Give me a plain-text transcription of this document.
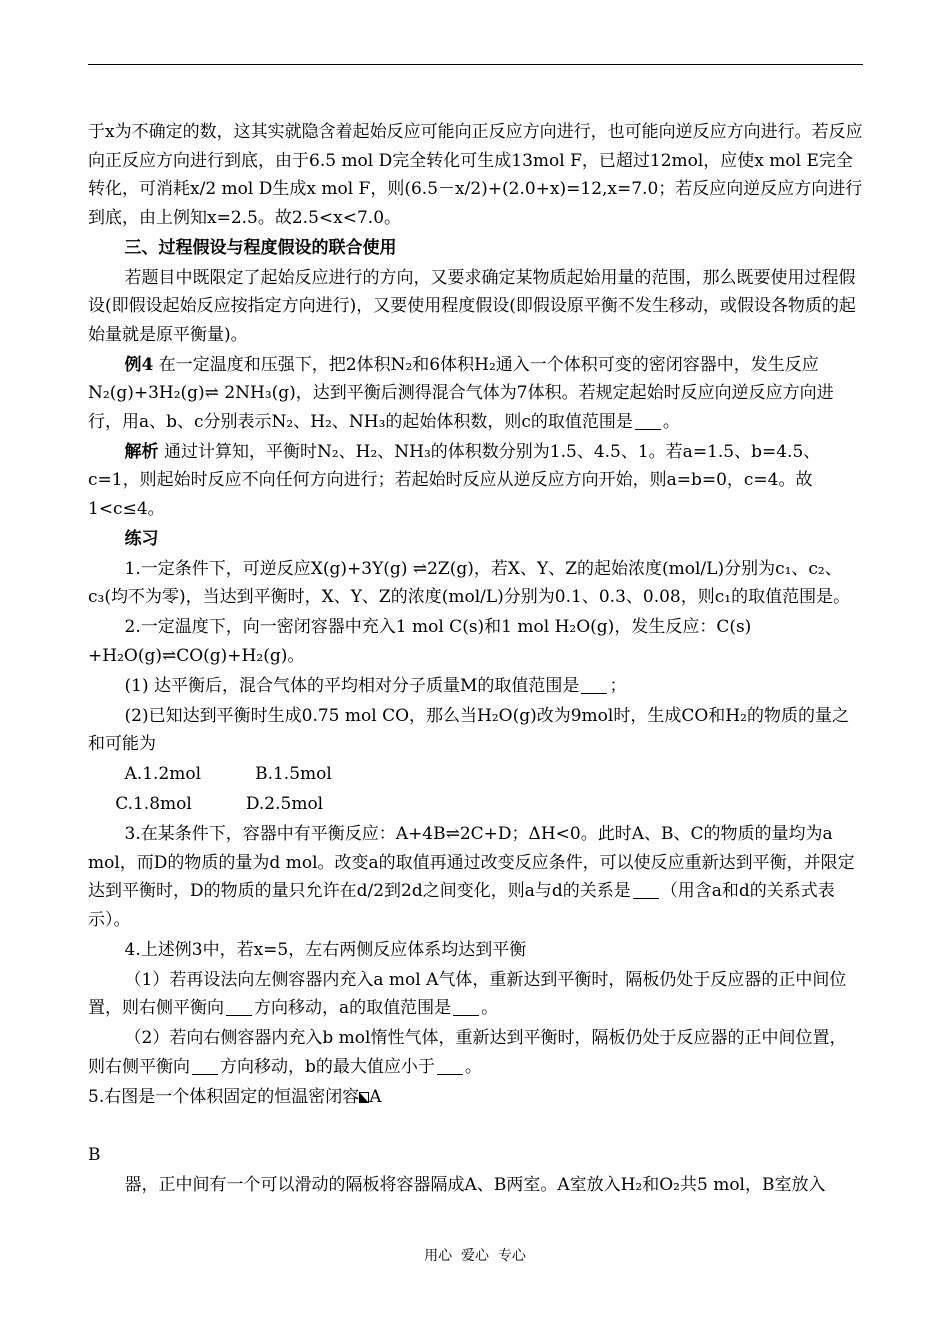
于x为不确定的数，这其实就隐含着起始反应可能向正反应方向进行，也可能向逆反应方向进行。若反应向正反应方向进行到底，由于6.5 mol D完全转化可生成13mol F，已超过12mol，应使x mol E完全转化，可消耗x/2 mol D生成x mol F，则(6.5－x/2)+(2.0+x)=12,x=7.0；若反应向逆反应方向进行到底，由上例知x=2.5。故2.5<x<7.0。

三、过程假设与程度假设的联合使用

若题目中既限定了起始反应进行的方向，又要求确定某物质起始用量的范围，那么既要使用过程假设(即假设起始反应按指定方向进行)，又要使用程度假设(即假设原平衡不发生移动，或假设各物质的起始量就是原平衡量)。

例4 在一定温度和压强下，把2体积N₂和6体积H₂通入一个体积可变的密闭容器中，发生反应N₂(g)+3H₂(g)⇌ 2NH₃(g)，达到平衡后测得混合气体为7体积。若规定起始时反应向逆反应方向进行，用a、b、c分别表示N₂、H₂、NH₃的起始体积数，则c的取值范围是 。

解析 通过计算知，平衡时N₂、H₂、NH₃的体积数分别为1.5、4.5、1。若a=1.5、b=4.5、c=1，则起始时反应不向任何方向进行；若起始时反应从逆反应方向开始，则a=b=0，c=4。故1<c≤4。

练习

1.一定条件下，可逆反应X(g)+3Y(g) ⇌2Z(g)，若X、Y、Z的起始浓度(mol/L)分别为c₁、c₂、c₃(均不为零)，当达到平衡时，X、Y、Z的浓度(mol/L)分别为0.1、0.3、0.08，则c₁的取值范围是。

2.一定温度下，向一密闭容器中充入1 mol C(s)和1 mol H₂O(g)，发生反应：C(s) +H₂O(g)⇌CO(g)+H₂(g)。

(1) 达平衡后，混合气体的平均相对分子质量M的取值范围是 ；

(2)已知达到平衡时生成0.75 mol CO，那么当H₂O(g)改为9mol时，生成CO和H₂的物质的量之和可能为

A.1.2mol          B.1.5mol

C.1.8mol          D.2.5mol

3.在某条件下，容器中有平衡反应：A+4B⇌2C+D；ΔH<0。此时A、B、C的物质的量均为a mol，而D的物质的量为d mol。改变a的取值再通过改变反应条件，可以使反应重新达到平衡，并限定达到平衡时，D的物质的量只允许在d/2到2d之间变化，则a与d的关系是 （用含a和d的关系式表示）。

4.上述例3中，若x=5，左右两侧反应体系均达到平衡

（1）若再设法向左侧容器内充入a mol A气体，重新达到平衡时，隔板仍处于反应器的正中间位置，则右侧平衡向 方向移动，a的取值范围是 。

（2）若向右侧容器内充入b mol惰性气体，重新达到平衡时，隔板仍处于反应器的正中间位置，则右侧平衡向 方向移动，b的最大值应小于 。

5.右图是一个体积固定的恒温密闭容 A

B

器，正中间有一个可以滑动的隔板将容器隔成A、B两室。A室放入H₂和O₂共5 mol，B室放入

用心  爱心  专心
